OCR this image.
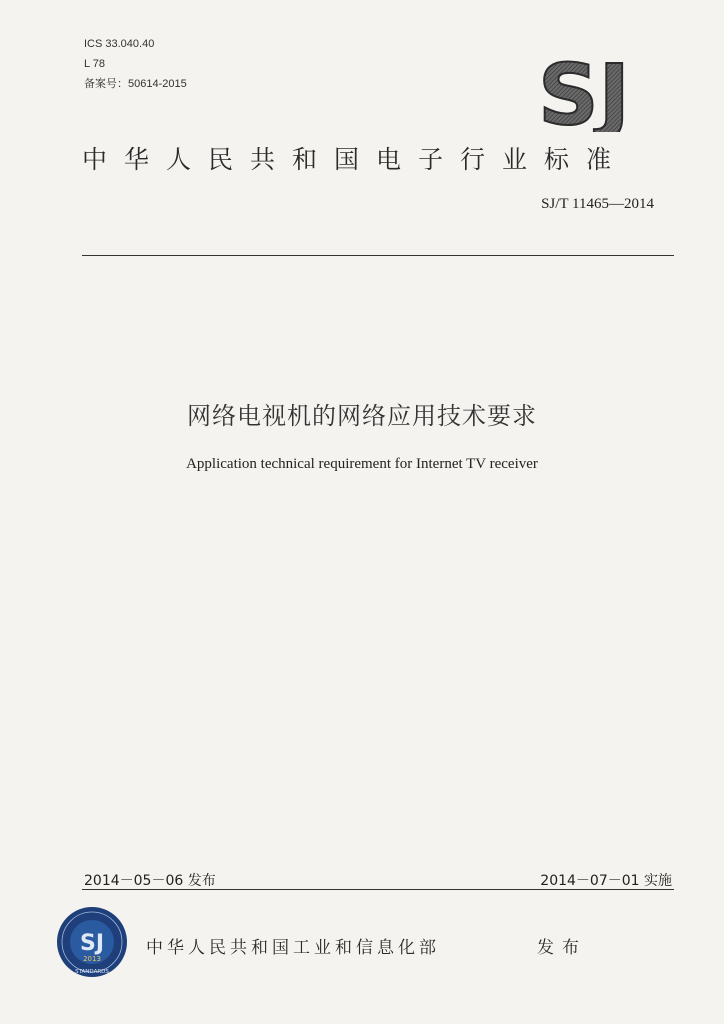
ICS 33.040.40
L 78
备案号：50614-2015	SJ
中华人民共和国电子行业标准
SJ/T 11465—2014
网络电视机的网络应用技术要求
Application technical requirement for Internet TV receiver
2014－05－06 发布	2014－07－01 实施
SJ
2013
STANDARDS
中华人民共和国工业和信息化部	发布
